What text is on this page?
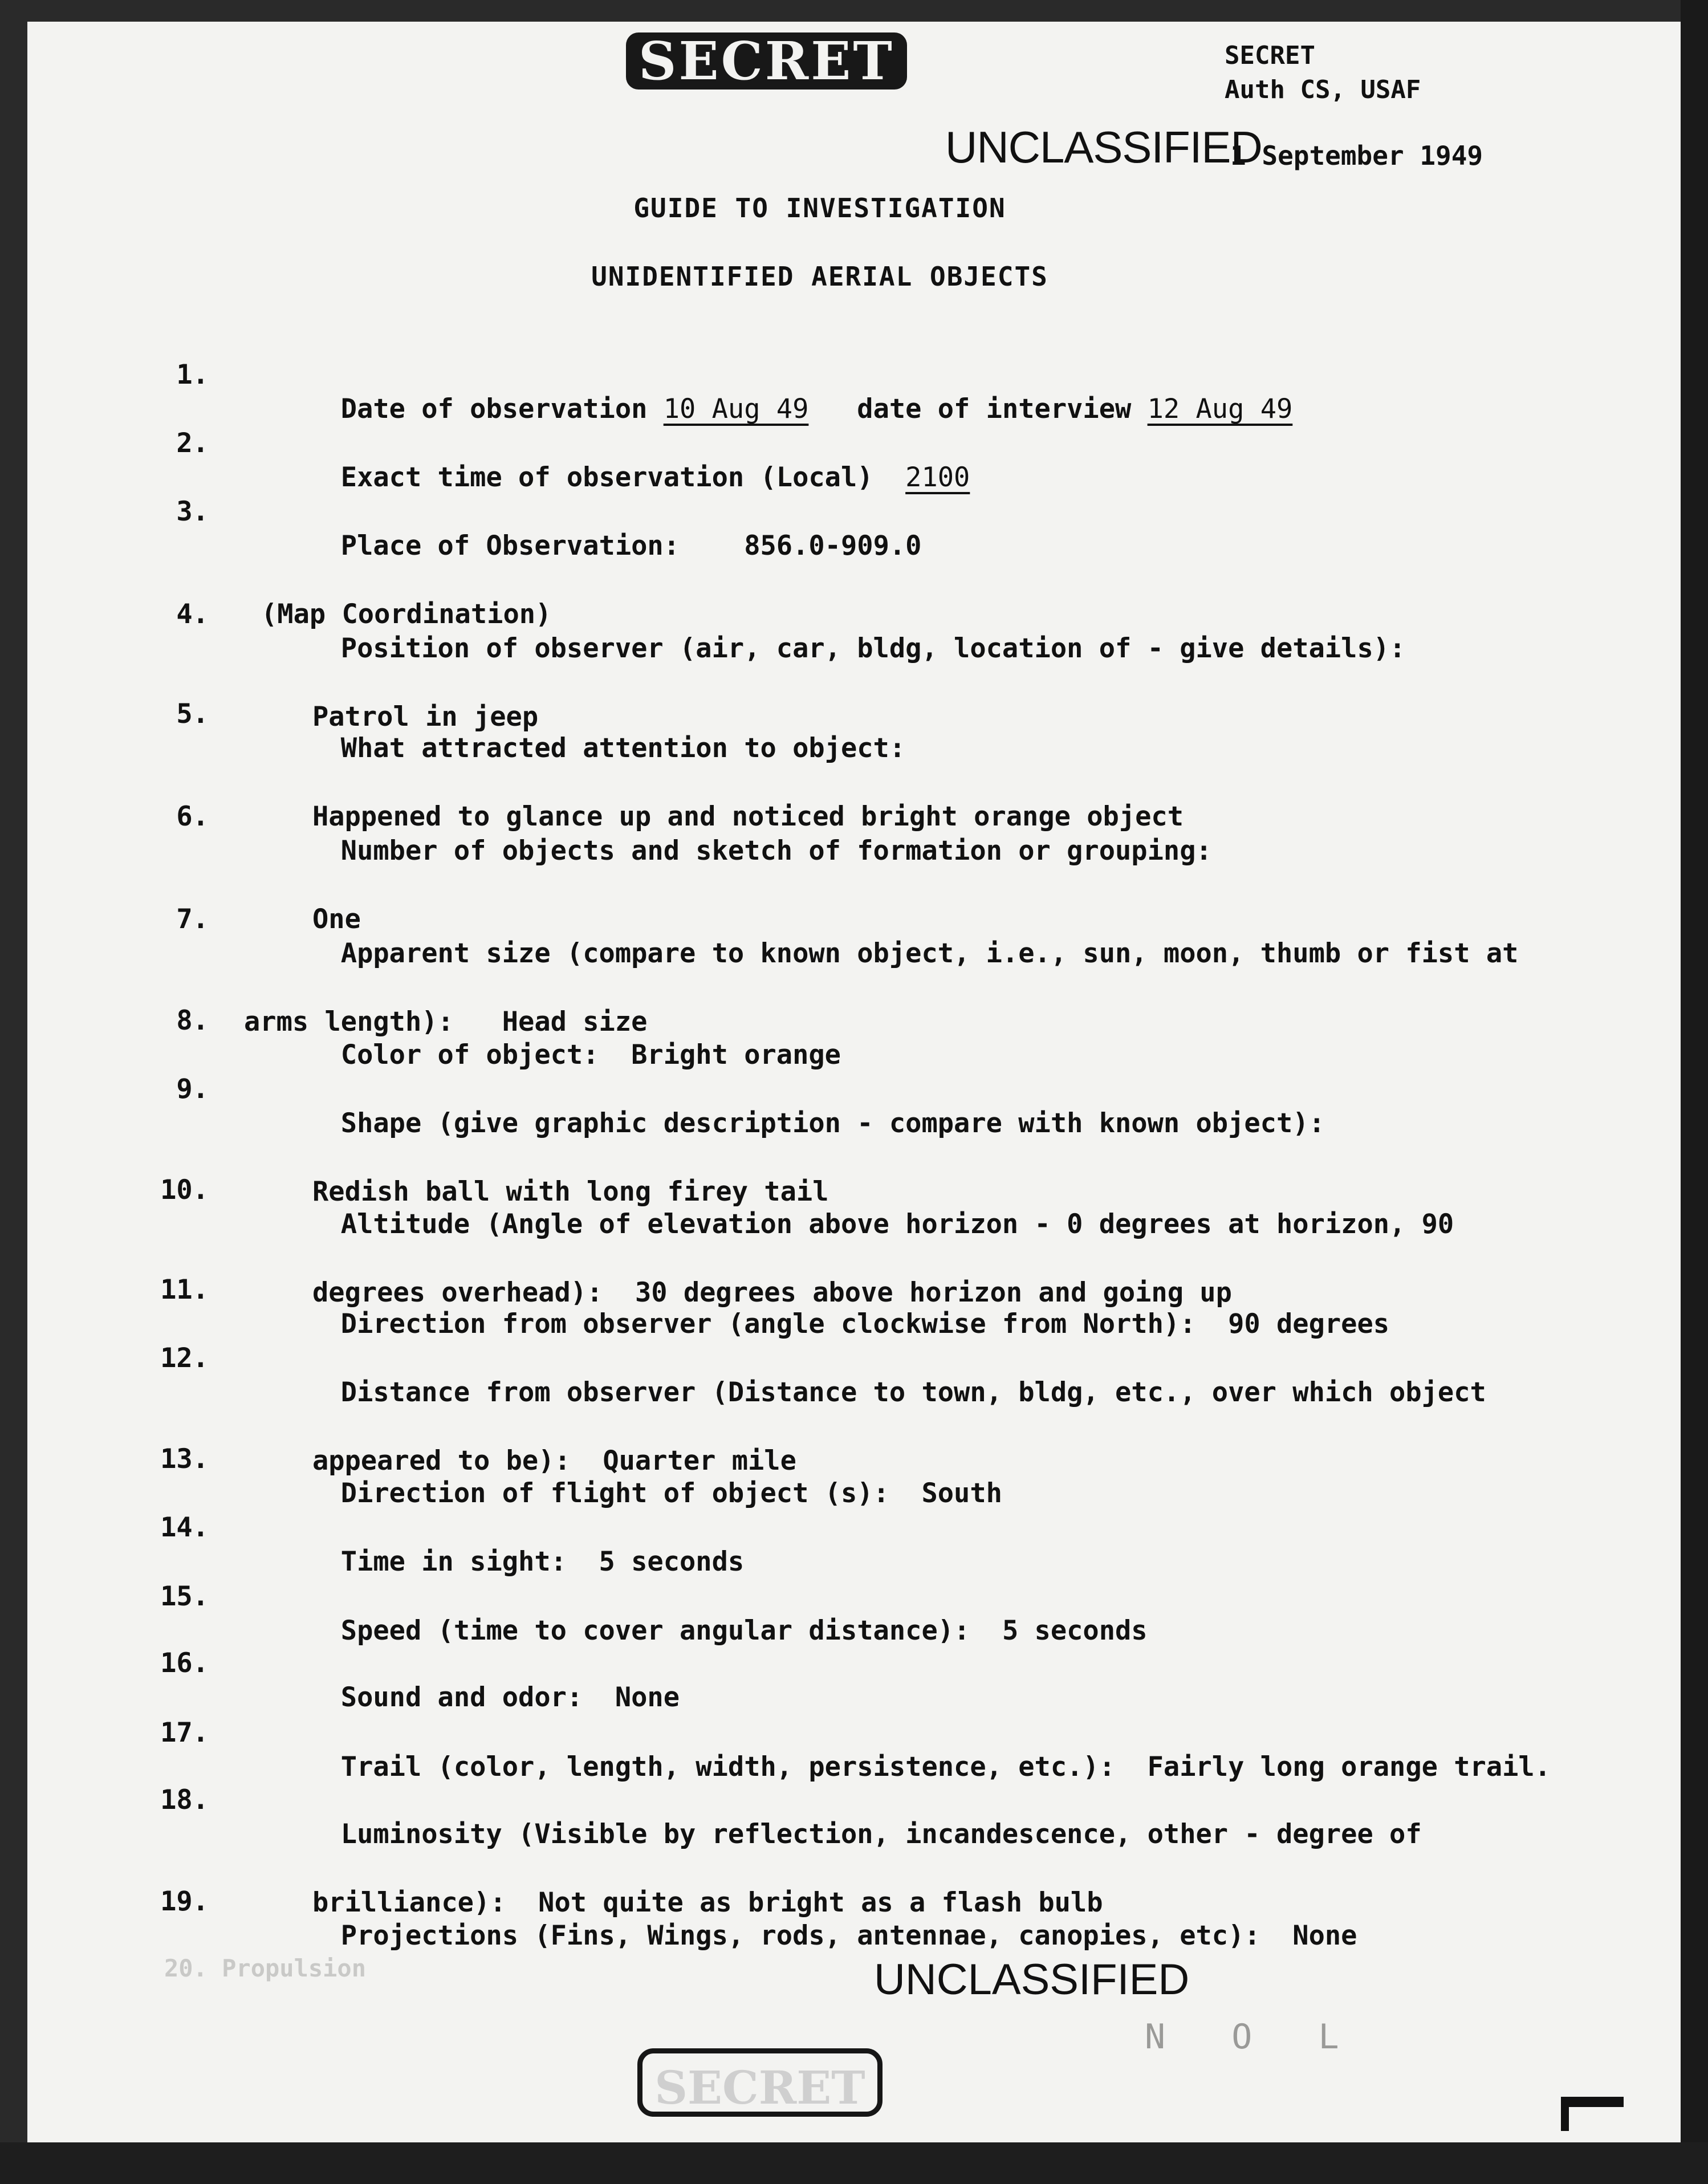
SECRET	SECRET
Auth CS, USAF
UNCLASSIFIED
1 September 1949
GUIDE TO INVESTIGATION
UNIDENTIFIED AERIAL OBJECTS
1.

Date of observation 10 Aug 49 date of interview 12 Aug 49

2.

Exact time of observation (Local) 2100

3.

Place of Observation: 856.0-909.0

(Map Coordination)

4.

Position of observer (air, car, bldg, location of - give details):

Patrol in jeep

5.

What attracted attention to object:

Happened to glance up and noticed bright orange object

6.

Number of objects and sketch of formation or grouping:

One

7.

Apparent size (compare to known object, i.e., sun, moon, thumb or fist at

arms length): Head size

8.

Color of object: Bright orange

9.

Shape (give graphic description - compare with known object):

Redish ball with long firey tail

10.

Altitude (Angle of elevation above horizon - 0 degrees at horizon, 90

degrees overhead): 30 degrees above horizon and going up

11.

Direction from observer (angle clockwise from North): 90 degrees

12.

Distance from observer (Distance to town, bldg, etc., over which object

appeared to be): Quarter mile

13.

Direction of flight of object (s): South

14.

Time in sight: 5 seconds

15.

Speed (time to cover angular distance): 5 seconds

16.

Sound and odor: None

17.

Trail (color, length, width, persistence, etc.): Fairly long orange trail.

18.

Luminosity (Visible by reflection, incandescence, other - degree of

brilliance): Not quite as bright as a flash bulb

19.

Projections (Fins, Wings, rods, antennae, canopies, etc): None

20. Propulsion	UNCLASSIFIED
N O L
SECRET
